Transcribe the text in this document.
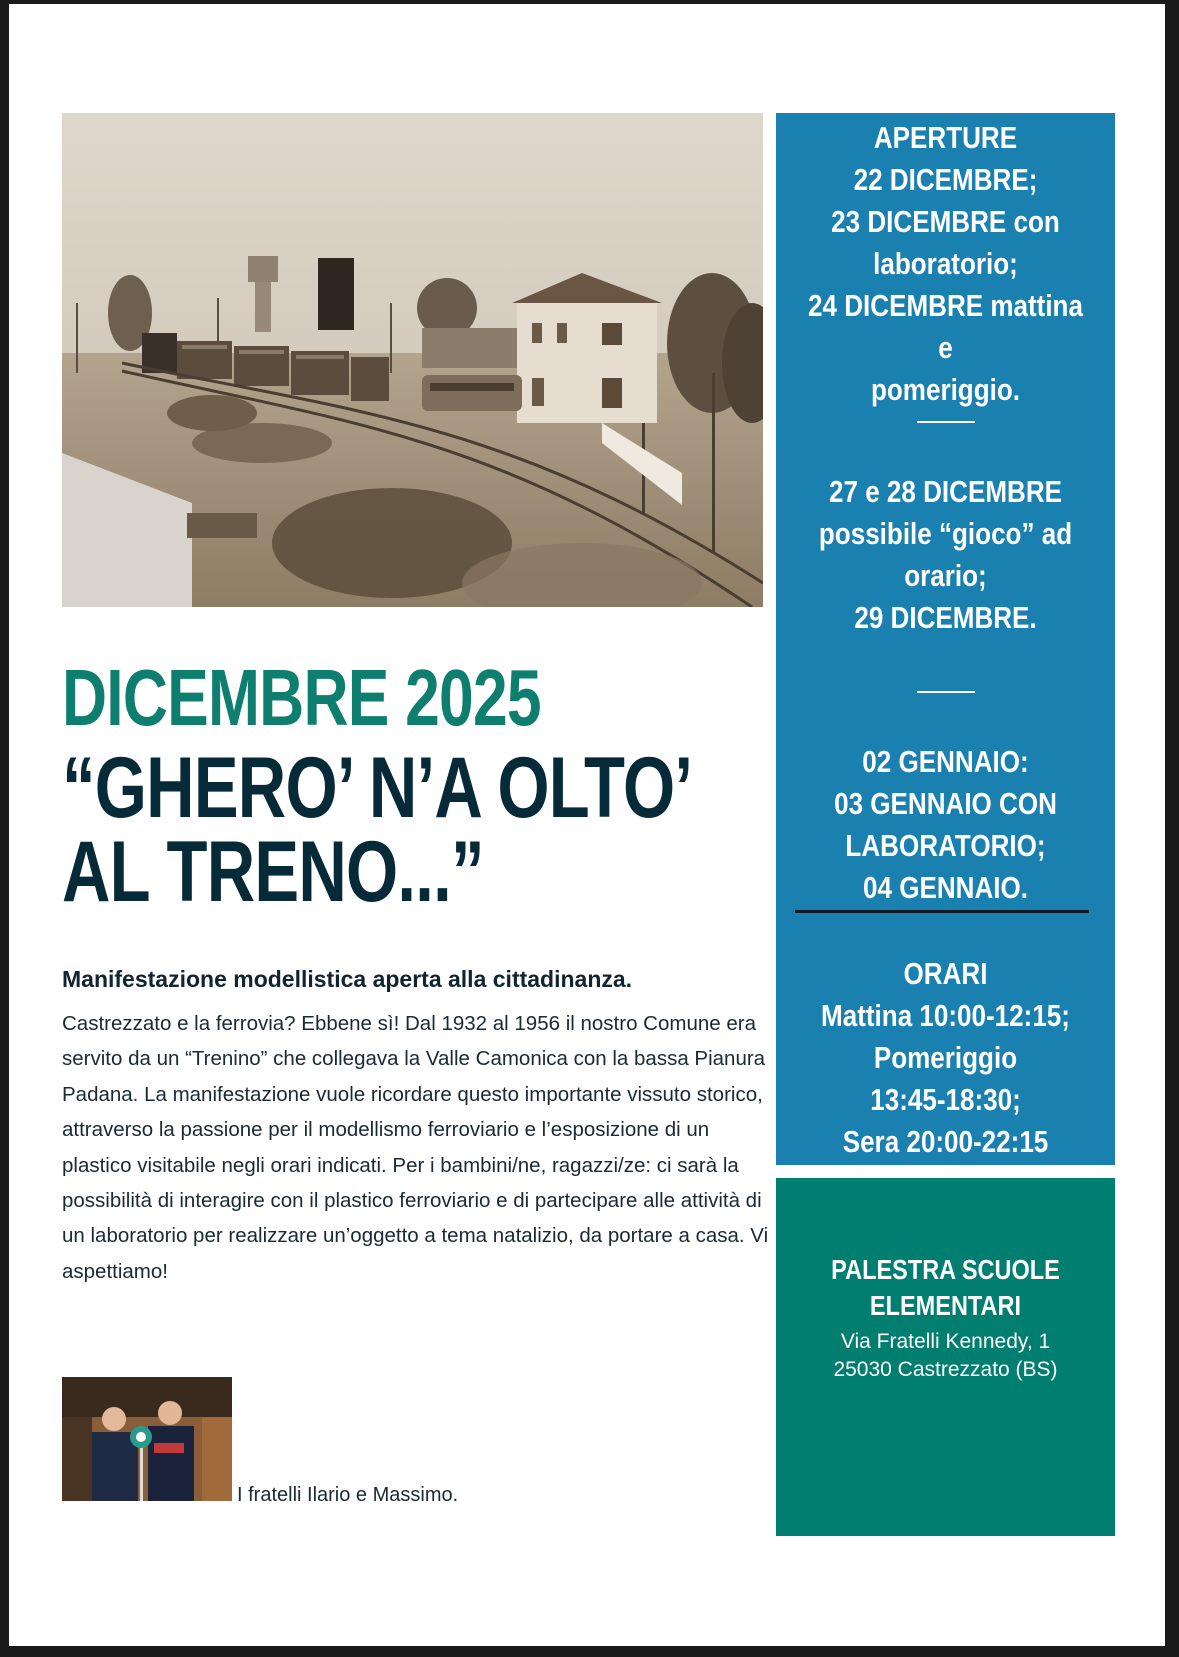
DICEMBRE 2025
“GHERO’ N’A OLTO’ AL TRENO...”
Manifestazione modellistica aperta alla cittadinanza.
Castrezzato e la ferrovia? Ebbene sì! Dal 1932 al 1956 il nostro Comune era servito da un “Trenino” che collegava la Valle Camonica con la bassa Pianura Padana. La manifestazione vuole ricordare questo importante vissuto storico, attraverso la passione per il modellismo ferroviario e l’esposizione di un plastico visitabile negli orari indicati. Per i bambini/ne, ragazzi/ze: ci sarà la possibilità di interagire con il plastico ferroviario e di partecipare alle attività di un laboratorio per realizzare un’oggetto a tema natalizio, da portare a casa. Vi aspettiamo!
I fratelli Ilario e Massimo.
APERTURE
22 DICEMBRE;
23 DICEMBRE con
laboratorio;
24 DICEMBRE mattina e
pomeriggio.
27 e 28 DICEMBRE
possibile “gioco” ad
orario;
29 DICEMBRE.
02 GENNAIO:
03 GENNAIO CON
LABORATORIO;
04 GENNAIO.
ORARI
Mattina 10:00-12:15;
Pomeriggio
13:45-18:30;
Sera 20:00-22:15
PALESTRA SCUOLE
ELEMENTARI
Via Fratelli Kennedy, 1
25030 Castrezzato (BS)
